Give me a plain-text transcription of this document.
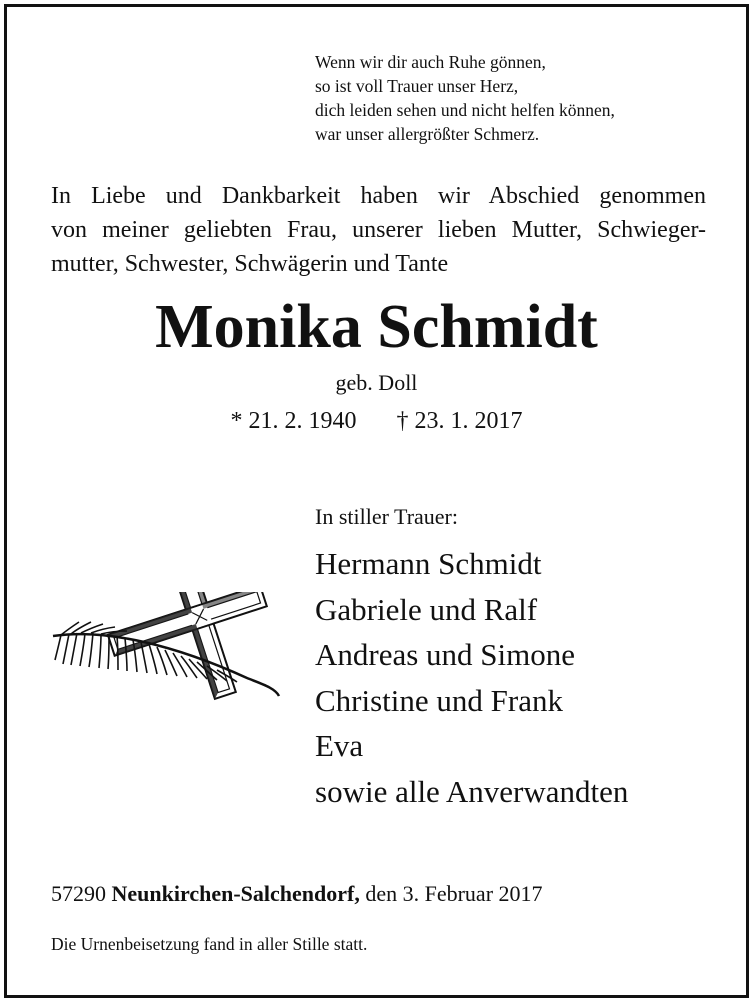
Wenn wir dir auch Ruhe gönnen,
so ist voll Trauer unser Herz,
dich leiden sehen und nicht helfen können,
war unser allergrößter Schmerz.
In Liebe und Dankbarkeit haben wir Abschied genommen
von meiner geliebten Frau, unserer lieben Mutter, Schwieger-
mutter, Schwester, Schwägerin und Tante
Monika Schmidt
geb. Doll
* 21. 2. 1940 † 23. 1. 2017
In stiller Trauer:
Hermann Schmidt
Gabriele und Ralf
Andreas und Simone
Christine und Frank
Eva
sowie alle Anverwandten
57290 Neunkirchen-Salchendorf, den 3. Februar 2017
Die Urnenbeisetzung fand in aller Stille statt.
